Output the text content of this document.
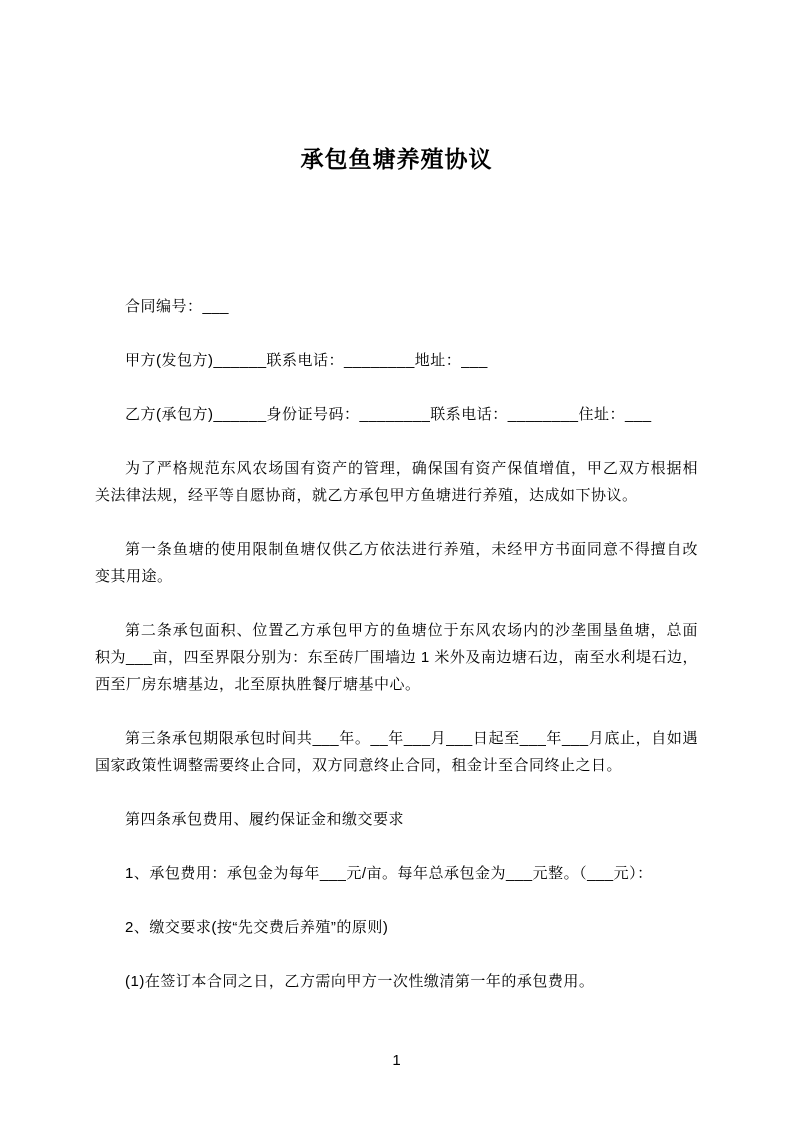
承包鱼塘养殖协议

合同编号：___

甲方(发包方)______联系电话：________地址：___

乙方(承包方)______身份证号码：________联系电话：________住址：___

为了严格规范东风农场国有资产的管理，确保国有资产保值增值，甲乙双方根据相关法律法规，经平等自愿协商，就乙方承包甲方鱼塘进行养殖，达成如下协议。

第一条鱼塘的使用限制鱼塘仅供乙方依法进行养殖，未经甲方书面同意不得擅自改变其用途。

第二条承包面积、位置乙方承包甲方的鱼塘位于东风农场内的沙垄围垦鱼塘，总面积为___亩，四至界限分别为：东至砖厂围墙边 1 米外及南边塘石边，南至水利堤石边，西至厂房东塘基边，北至原执胜餐厅塘基中心。

第三条承包期限承包时间共___年。__年___月___日起至___年___月底止，自如遇国家政策性调整需要终止合同，双方同意终止合同，租金计至合同终止之日。

第四条承包费用、履约保证金和缴交要求

1、承包费用：承包金为每年___元/亩。每年总承包金为___元整。（___元）：

2、缴交要求(按“先交费后养殖”的原则)

(1)在签订本合同之日，乙方需向甲方一次性缴清第一年的承包费用。

1
